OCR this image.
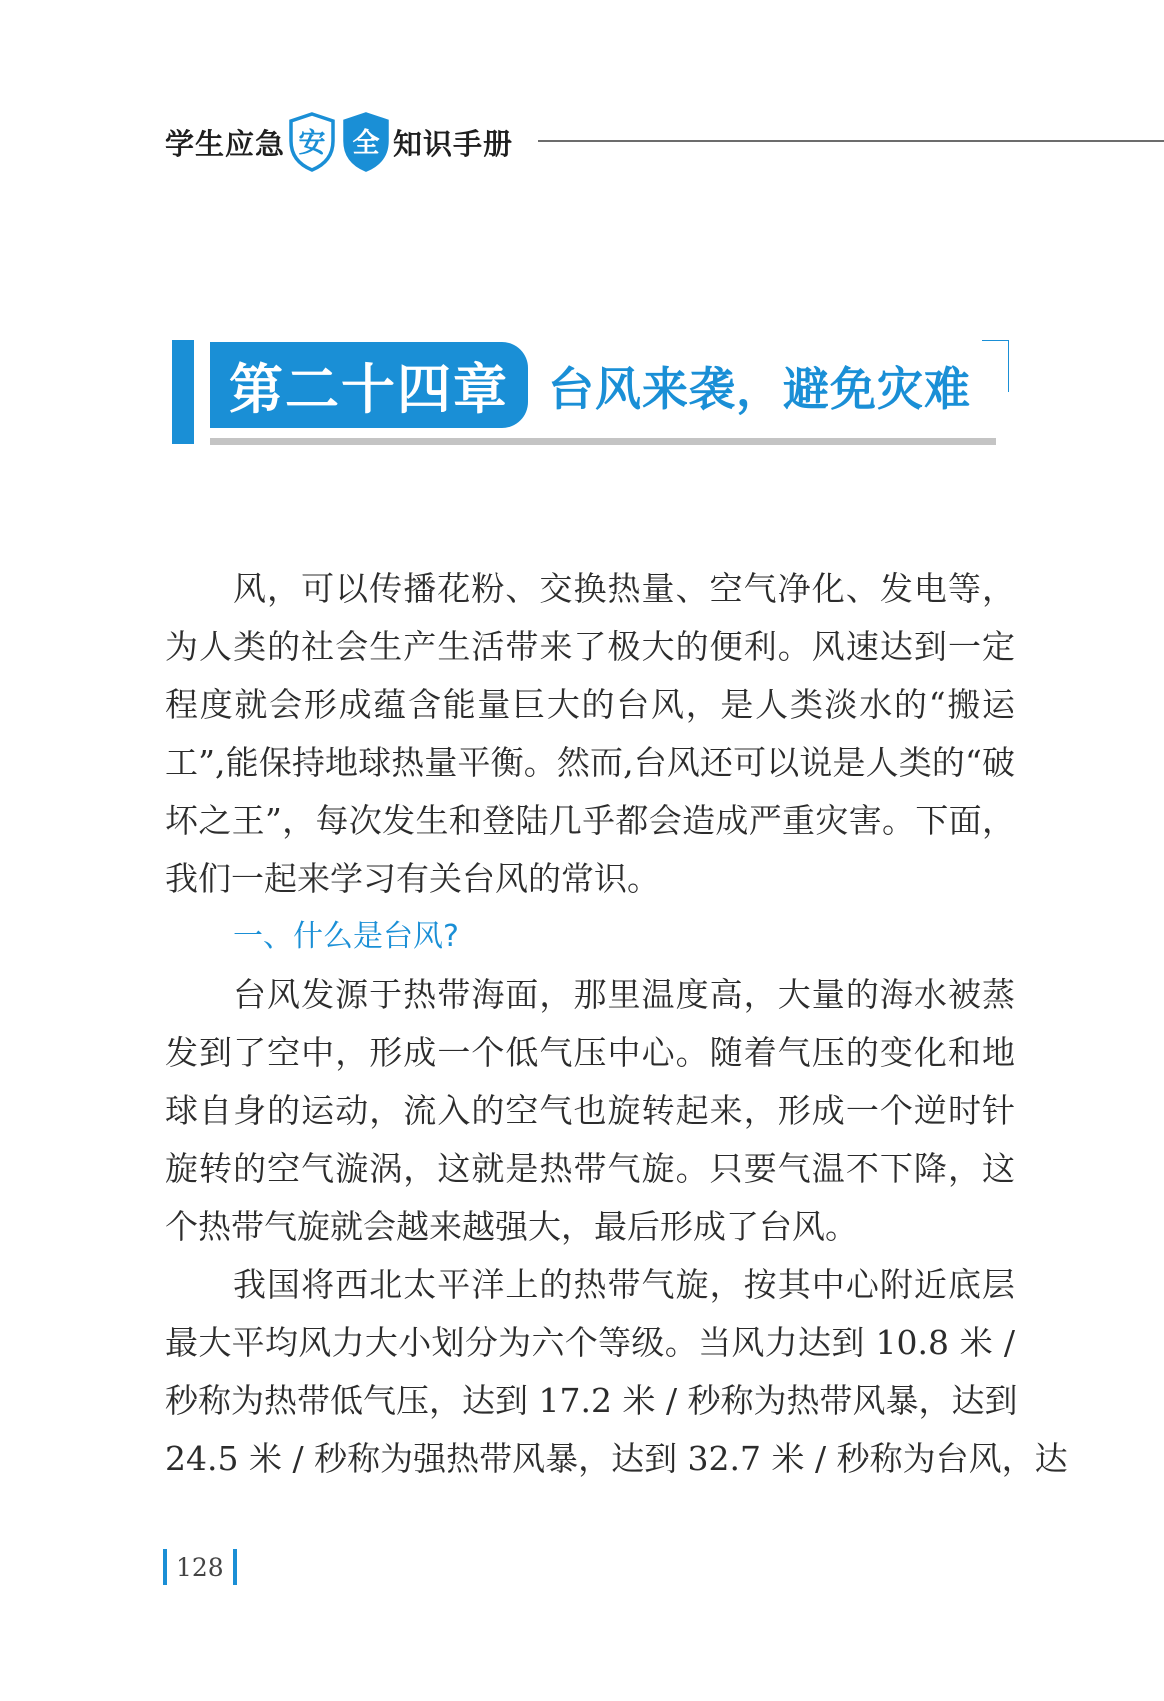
学生应急 安 全 知识手册
第二十四章 台风来袭，避免灾难
风，可以传播花粉、交换热量、空气净化、发电等，
为人类的社会生产生活带来了极大的便利。风速达到一定
程度就会形成蕴含能量巨大的台风，是人类淡水的“搬运
工”,能保持地球热量平衡。然而,台风还可以说是人类的“破
坏之王”，每次发生和登陆几乎都会造成严重灾害。下面，
我们一起来学习有关台风的常识。
一、什么是台风?
台风发源于热带海面，那里温度高，大量的海水被蒸
发到了空中，形成一个低气压中心。随着气压的变化和地
球自身的运动，流入的空气也旋转起来，形成一个逆时针
旋转的空气漩涡，这就是热带气旋。只要气温不下降，这
个热带气旋就会越来越强大，最后形成了台风。
我国将西北太平洋上的热带气旋，按其中心附近底层
最大平均风力大小划分为六个等级。当风力达到 10.8 米 /
秒称为热带低气压，达到 17.2 米 / 秒称为热带风暴，达到
24.5 米 / 秒称为强热带风暴，达到 32.7 米 / 秒称为台风，达
128
